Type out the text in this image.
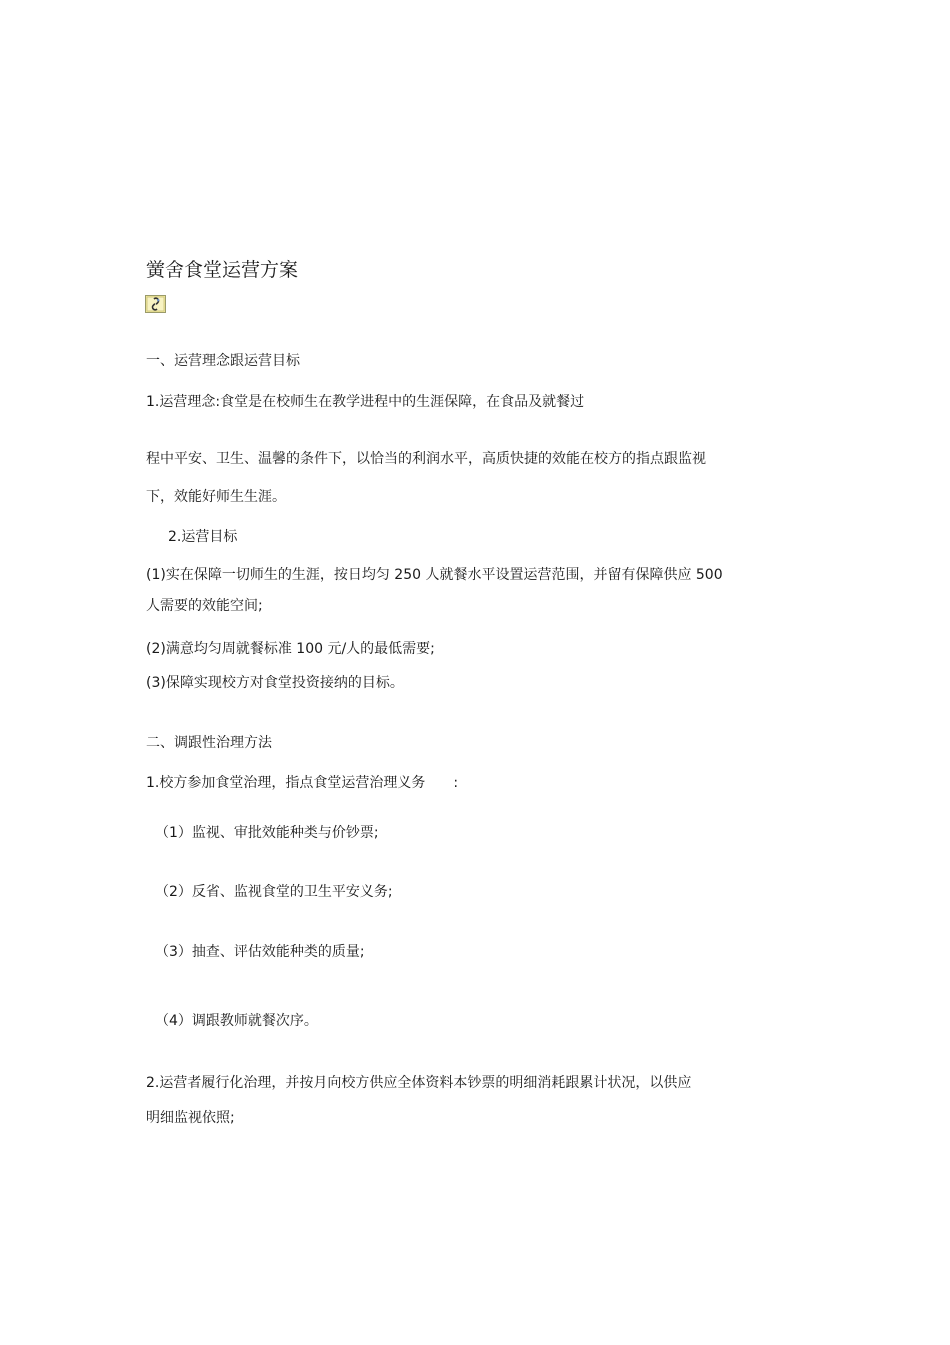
黉舍食堂运营方案
一、运营理念跟运营目标
1.运营理念:食堂是在校师生在教学进程中的生涯保障，在食品及就餐过
程中平安、卫生、温馨的条件下，以恰当的利润水平，高质快捷的效能在校方的指点跟监视
下，效能好师生生涯。
2.运营目标
(1)实在保障一切师生的生涯，按日均匀 250 人就餐水平设置运营范围，并留有保障供应 500
人需要的效能空间;
(2)满意均匀周就餐标准 100 元/人的最低需要;
(3)保障实现校方对食堂投资接纳的目标。
二、调跟性治理方法
1.校方参加食堂治理，指点食堂运营治理义务　　:
（1）监视、审批效能种类与价钞票;
（2）反省、监视食堂的卫生平安义务;
（3）抽查、评估效能种类的质量;
（4）调跟教师就餐次序。
2.运营者履行化治理，并按月向校方供应全体资料本钞票的明细消耗跟累计状况，以供应
明细监视依照;
